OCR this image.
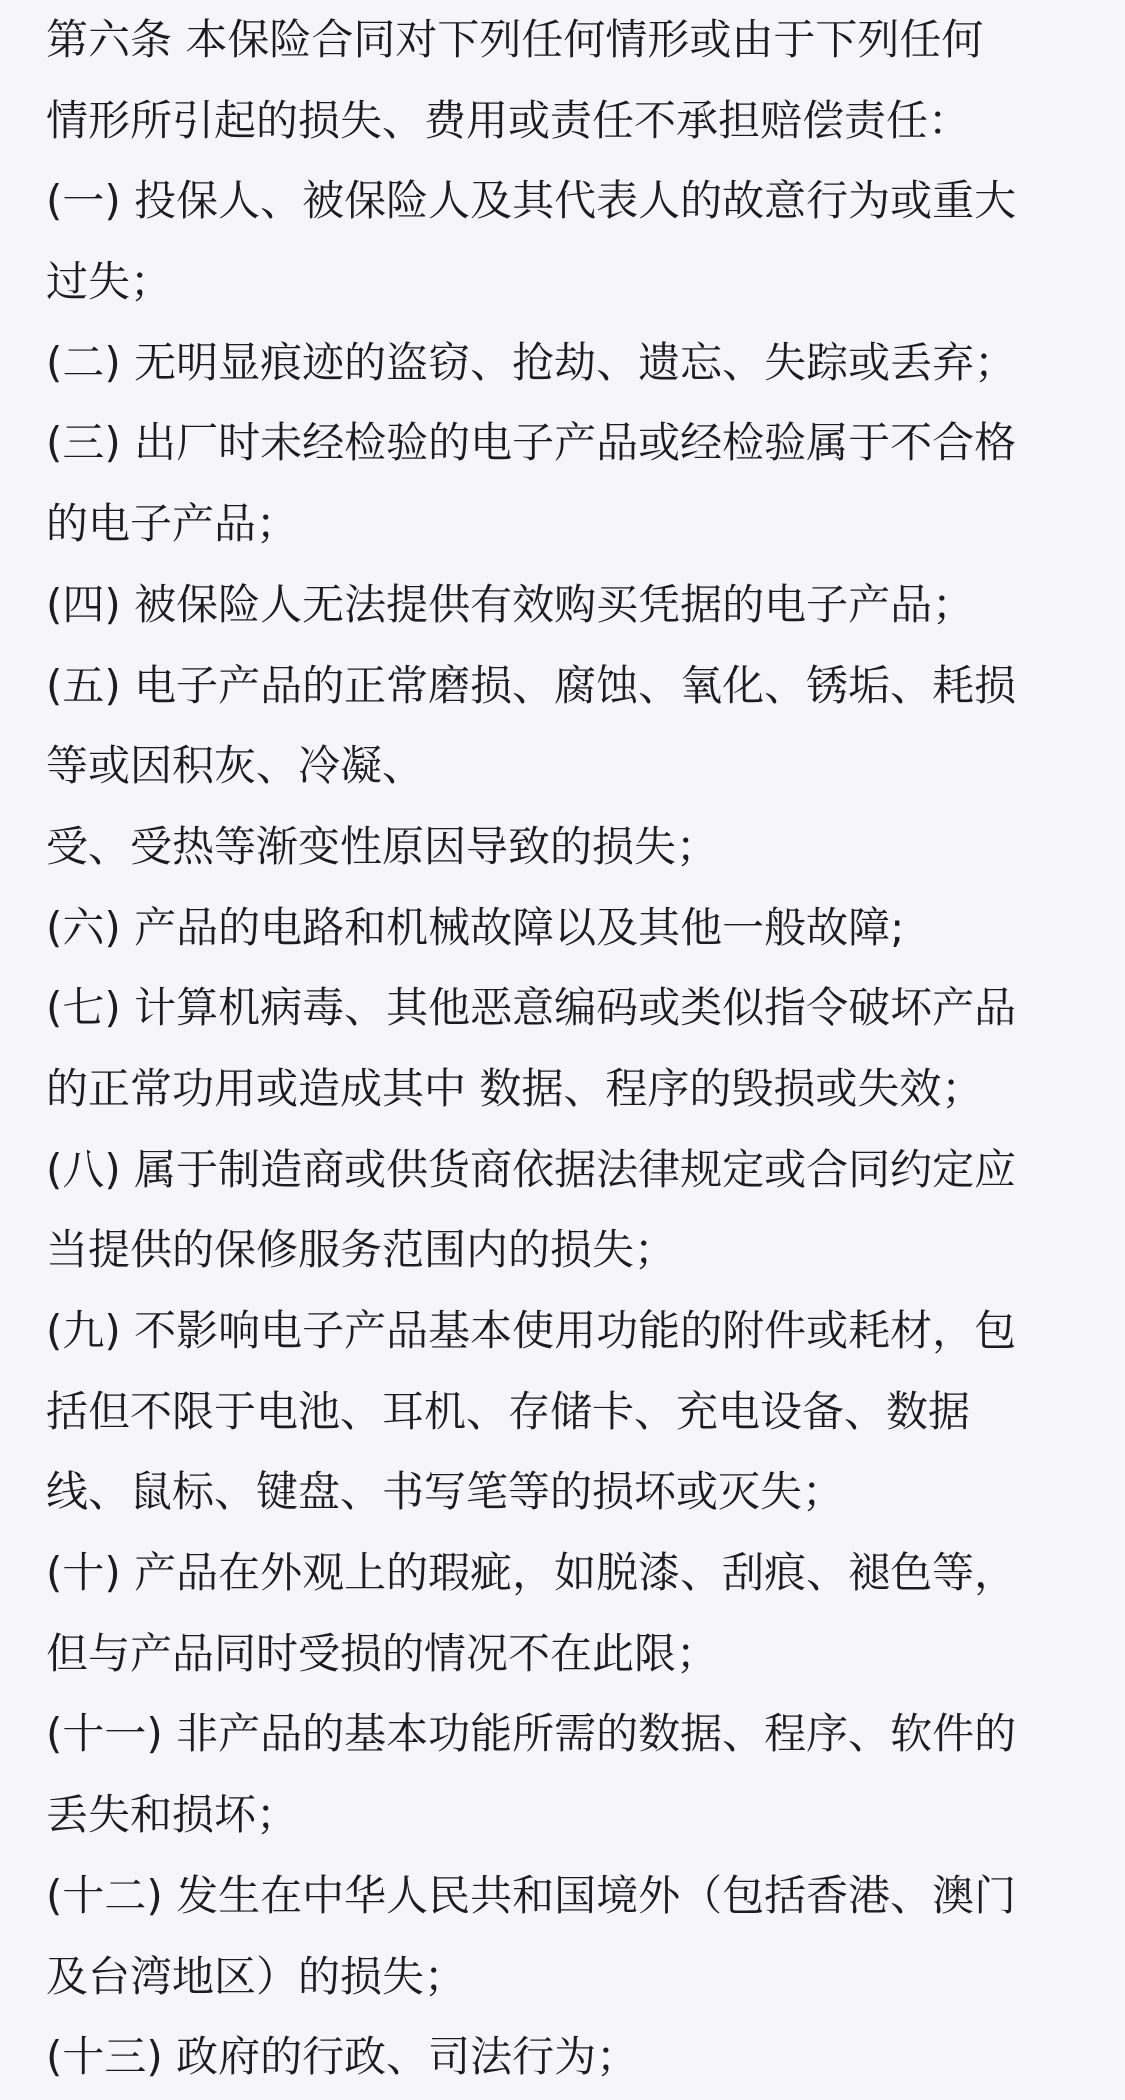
第六条 本保险合同对下列任何情形或由于下列任何
情形所引起的损失、费用或责任不承担赔偿责任：
(一) 投保人、被保险人及其代表人的故意行为或重大
过失；
(二) 无明显痕迹的盗窃、抢劫、遗忘、失踪或丢弃；
(三) 出厂时未经检验的电子产品或经检验属于不合格
的电子产品；
(四) 被保险人无法提供有效购买凭据的电子产品；
(五) 电子产品的正常磨损、腐蚀、氧化、锈垢、耗损
等或因积灰、冷凝、
受、受热等渐变性原因导致的损失；
(六) 产品的电路和机械故障以及其他一般故障;
(七) 计算机病毒、其他恶意编码或类似指令破坏产品
的正常功用或造成其中 数据、程序的毁损或失效；
(八) 属于制造商或供货商依据法律规定或合同约定应
当提供的保修服务范围内的损失；
(九) 不影响电子产品基本使用功能的附件或耗材，包
括但不限于电池、耳机、存储卡、充电设备、数据
线、鼠标、键盘、书写笔等的损坏或灭失；
(十) 产品在外观上的瑕疵，如脱漆、刮痕、褪色等，
但与产品同时受损的情况不在此限；
(十一) 非产品的基本功能所需的数据、程序、软件的
丢失和损坏；
(十二) 发生在中华人民共和国境外（包括香港、澳门
及台湾地区）的损失；
(十三) 政府的行政、司法行为；
